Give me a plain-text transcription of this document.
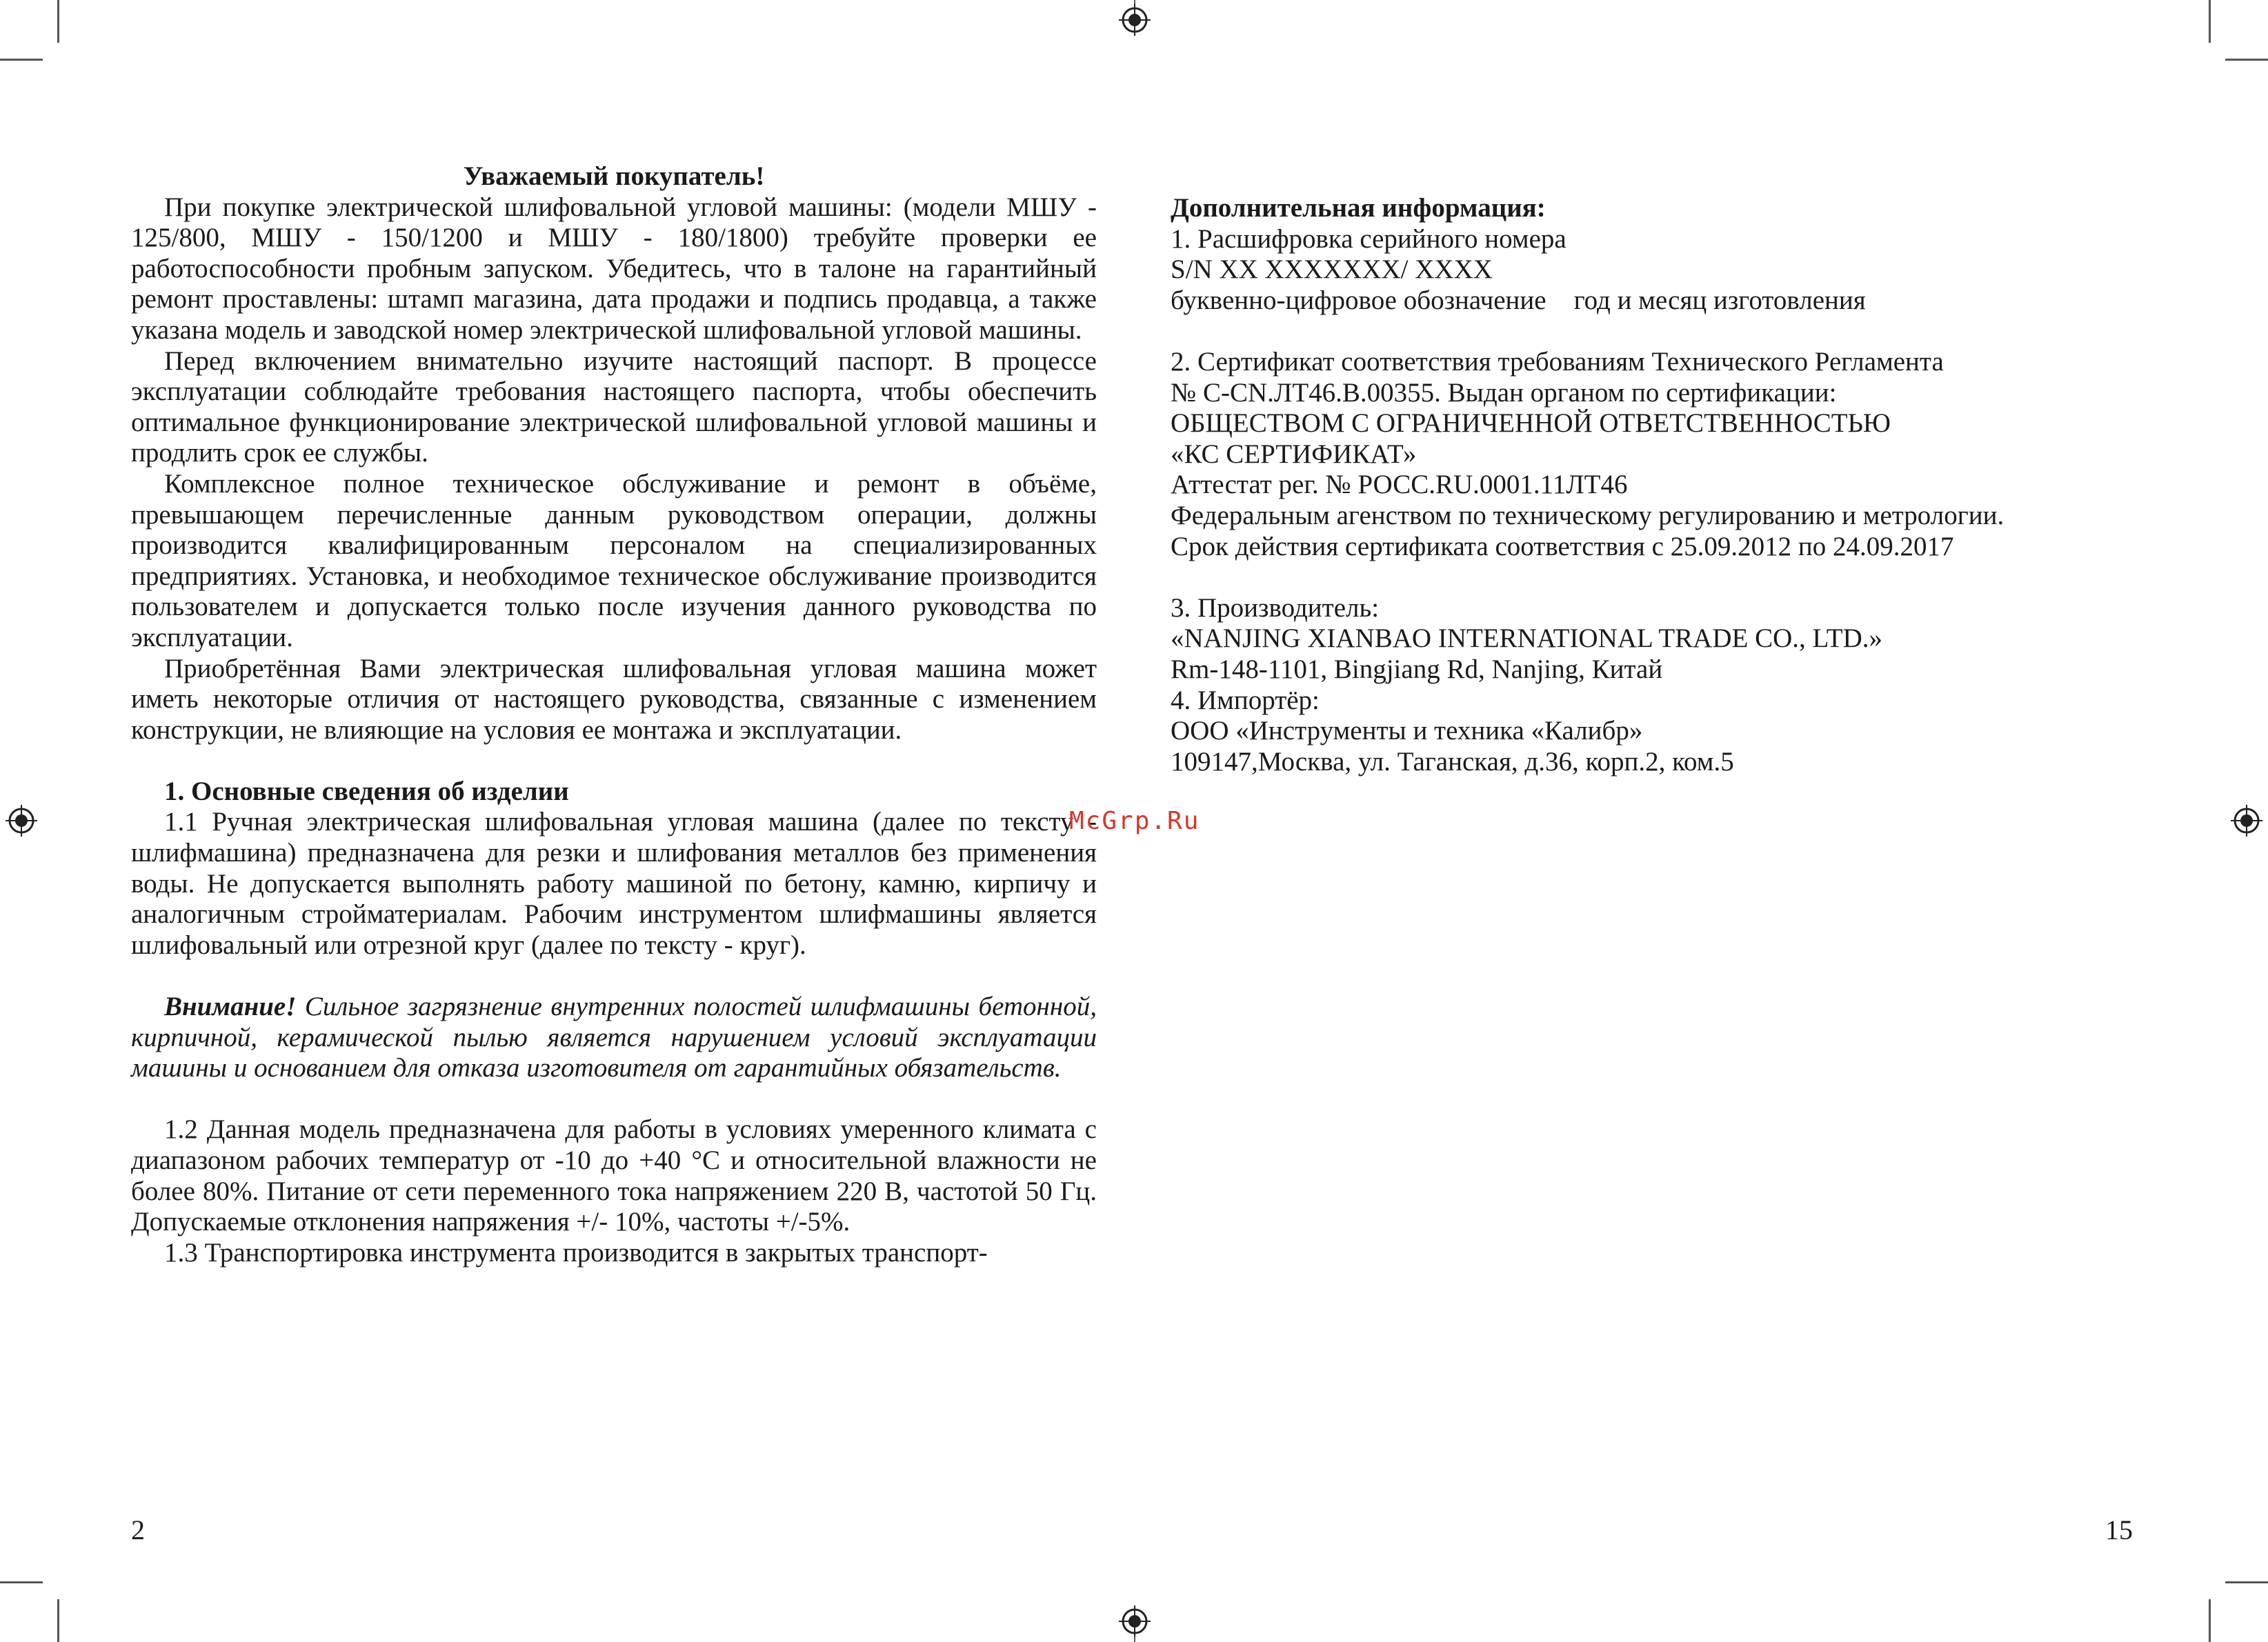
Уважаемый покупатель!

При покупке электрической шлифовальной угловой машины: (модели МШУ - 125/800, МШУ - 150/1200 и МШУ - 180/1800) требуйте проверки ее работоспособности пробным запуском. Убедитесь, что в талоне на гарантийный ремонт проставлены: штамп магазина, дата продажи и подпись продавца, а также указана модель и заводской номер электрической шлифовальной угловой машины.

Перед включением внимательно изучите настоящий паспорт. В процессе эксплуатации соблюдайте требования настоящего паспорта, чтобы обеспечить оптимальное функционирование электрической шлифовальной угловой машины и продлить срок ее службы.

Комплексное полное техническое обслуживание и ремонт в объёме, превышающем перечисленные данным руководством операции, должны производится квалифицированным персоналом на специализированных предприятиях. Установка, и необходимое техническое обслуживание производится пользователем и допускается только после изучения данного руководства по эксплуатации.

Приобретённая Вами электрическая шлифовальная угловая машина может иметь некоторые отличия от настоящего руководства, связанные с изменением конструкции, не влияющие на условия ее монтажа и эксплуатации.

1. Основные сведения об изделии

1.1 Ручная электрическая шлифовальная угловая машина (далее по тексту - шлифмашина) предназначена для резки и шлифования металлов без применения воды. Не допускается выполнять работу машиной по бетону, камню, кирпичу и аналогичным стройматериалам. Рабочим инструментом шлифмашины является шлифовальный или отрезной круг (далее по тексту - круг).

Внимание! Сильное загрязнение внутренних полостей шлифмашины бетонной, кирпичной, керамической пылью является нарушением условий эксплуатации машины и основанием для отказа изготовителя от гарантийных обязательств.

1.2 Данная модель предназначена для работы в условиях умеренного климата с диапазоном рабочих температур от -10 до +40 °С и относительной влажности не более 80%. Питание от сети переменного тока напряжением 220 В, частотой 50 Гц. Допускаемые отклонения напряжения +/- 10%, частоты +/-5%.

1.3 Транспортировка инструмента производится в закрытых транспорт-

Дополнительная информация:

1. Расшифровка серийного номера

S/N XX XXXXXXX/ XXXX

буквенно-цифровое обозначение год и месяц изготовления

2. Сертификат соответствия требованиям Технического Регламента

№ C-CN.ЛТ46.В.00355. Выдан органом по сертификации:

ОБЩЕСТВОМ С ОГРАНИЧЕННОЙ ОТВЕТСТВЕННОСТЬЮ

«КС СЕРТИФИКАТ»

Аттестат рег. № РОСС.RU.0001.11ЛТ46

Федеральным агенством по техническому регулированию и метрологии.

Срок действия сертификата соответствия с 25.09.2012 по 24.09.2017

3. Производитель:

«NANJING XIANBAO INTERNATIONAL TRADE CO., LTD.»

Rm-148-1101, Bingjiang Rd, Nanjing, Китай

4. Импортёр:

ООО «Инструменты и техника «Калибр»

109147,Москва, ул. Таганская, д.36, корп.2, ком.5

McGrp.Ru
2	15
